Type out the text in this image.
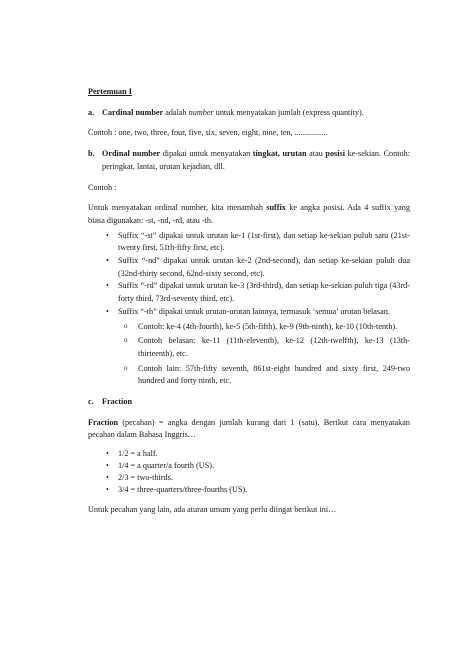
Pertemuan I
a. Cardinal number adalah number untuk menyatakan jumlah (express quantity).
Contoh : one, two, three, four, five, six, seven, eight, nine, ten, ................
b. Ordinal number dipakai untuk menyatakan tingkat, urutan atau posisi ke-sekian. Contoh: peringkat, lantai, urutan kejadian, dll.
Contoh :
Untuk menyatakan ordinal number, kita menambah suffix ke angka posisi. Ada 4 suffix yang biasa digunakan: -st, -nd, -rd, atau -th.
• Suffix “-st” dipakai untuk urutan ke-1 (1st-first), dan setiap ke-sekian puluh satu (21st-twenty first, 51th-fifty first, etc).
• Suffix “-nd” dipakai untuk urutan ke-2 (2nd-second), dan setiap ke-sekian puluh dua (32nd-thirty second, 62nd-sixty second, etc).
• Suffix “-rd” dipakai untuk urutan ke-3 (3rd-third), dan setiap ke-sekian puluh tiga (43rd-forty third, 73rd-seventy third, etc).
• Suffix “-th” dipakai untuk urutan-urutan lainnya, termasuk ‘semua’ urutan belasan.
o Contoh: ke-4 (4th-fourth), ke-5 (5th-fifth), ke-9 (9th-ninth), ke-10 (10th-tenth).
o Contoh belasan: ke-11 (11th-eleventh), ke-12 (12th-twelfth), ke-13 (13th-thirteenth), etc.
o Contoh lain: 57th-fifty seventh, 861st-eight hundred and sixty first, 249-two hundred and forty ninth, etc.
c.	Fraction
Fraction (pecahan) = angka dengan jumlah kurang dari 1 (satu). Berikut cara menyatakan pecahan dalam Bahasa Inggris…
• 1/2 = a half.
• 1/4 = a quarter/a fourth (US).
• 2/3 = two-thirds.
• 3/4 = three-quarters/three-fourths (US).
Untuk pecahan yang lain, ada aturan umum yang perlu diingat berikut ini…
